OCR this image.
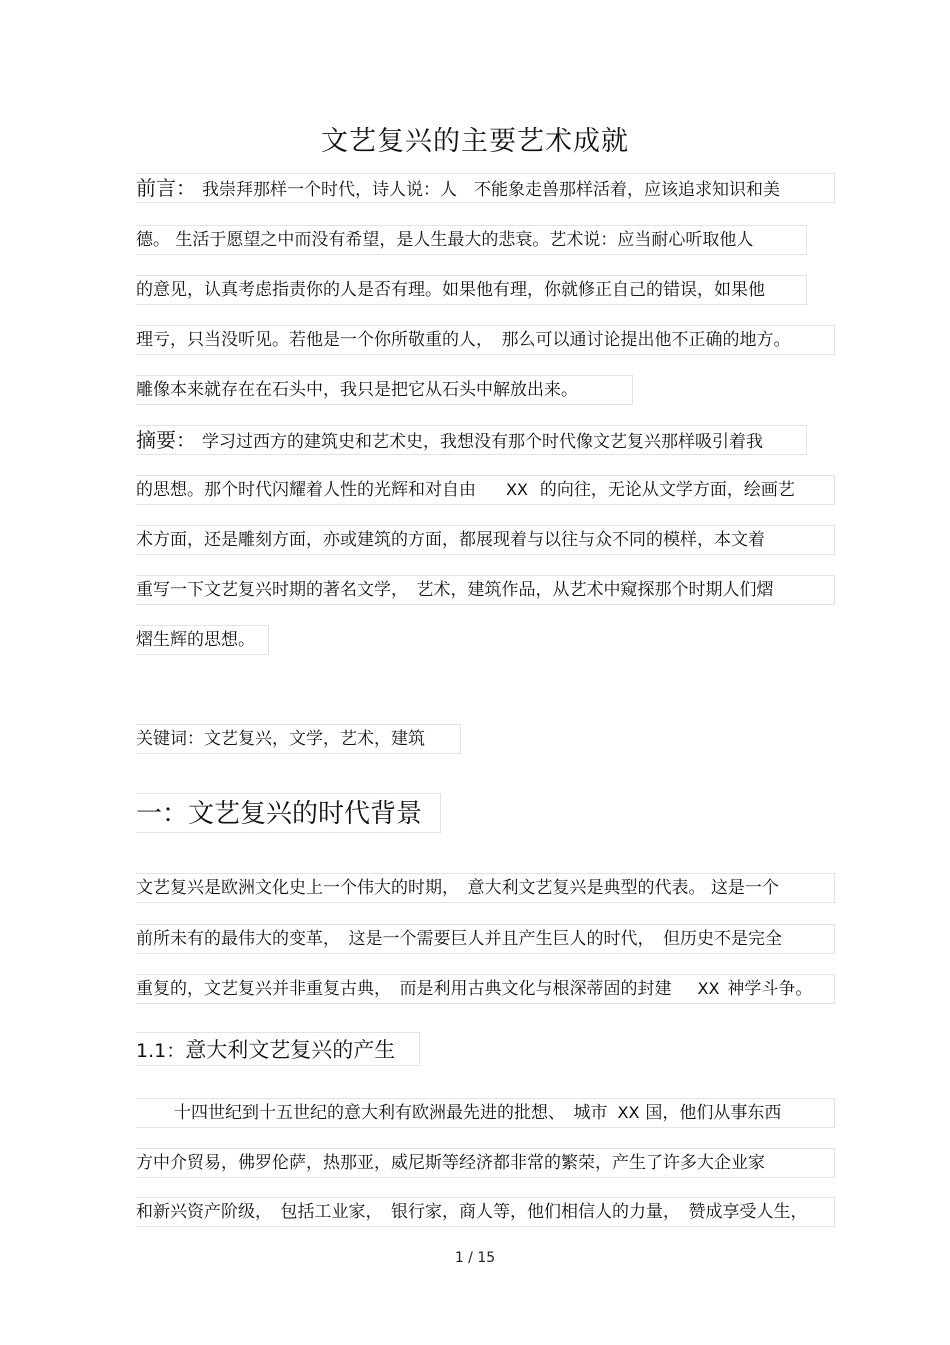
文艺复兴的主要艺术成就
前言： 我崇拜那样一个时代，诗人说：人　不能象走兽那样活着，应该追求知识和美
德。 生活于愿望之中而没有希望，是人生最大的悲衰。艺术说：应当耐心听取他人
的意见，认真考虑指责你的人是否有理。如果他有理，你就修正自己的错误，如果他
理亏，只当没听见。若他是一个你所敬重的人，　那么可以通讨论提出他不正确的地方。
雕像本来就存在在石头中，我只是把它从石头中解放出来。
摘要： 学习过西方的建筑史和艺术史，我想没有那个时代像文艺复兴那样吸引着我
的思想。那个时代闪耀着人性的光辉和对自由 XX 的向往，无论从文学方面，绘画艺
术方面，还是雕刻方面，亦或建筑的方面，都展现着与以往与众不同的模样，本文着
重写一下文艺复兴时期的著名文学，　艺术，建筑作品，从艺术中窥探那个时期人们熠
熠生辉的思想。
关键词：文艺复兴，文学，艺术，建筑
一：文艺复兴的时代背景
文艺复兴是欧洲文化史上一个伟大的时期，　意大利文艺复兴是典型的代表。 这是一个
前所未有的最伟大的变革，　这是一个需要巨人并且产生巨人的时代，　但历史不是完全
重复的，文艺复兴并非重复古典，　而是利用古典文化与根深蒂固的封建 XX 神学斗争。
1.1：意大利文艺复兴的产生
十四世纪到十五世纪的意大利有欧洲最先进的批想、　城市 XX 国，他们从事东西
方中介贸易，佛罗伦萨，热那亚，威尼斯等经济都非常的繁荣，产生了许多大企业家
和新兴资产阶级，　包括工业家，　银行家，商人等，他们相信人的力量，　赞成享受人生，
1 / 15
